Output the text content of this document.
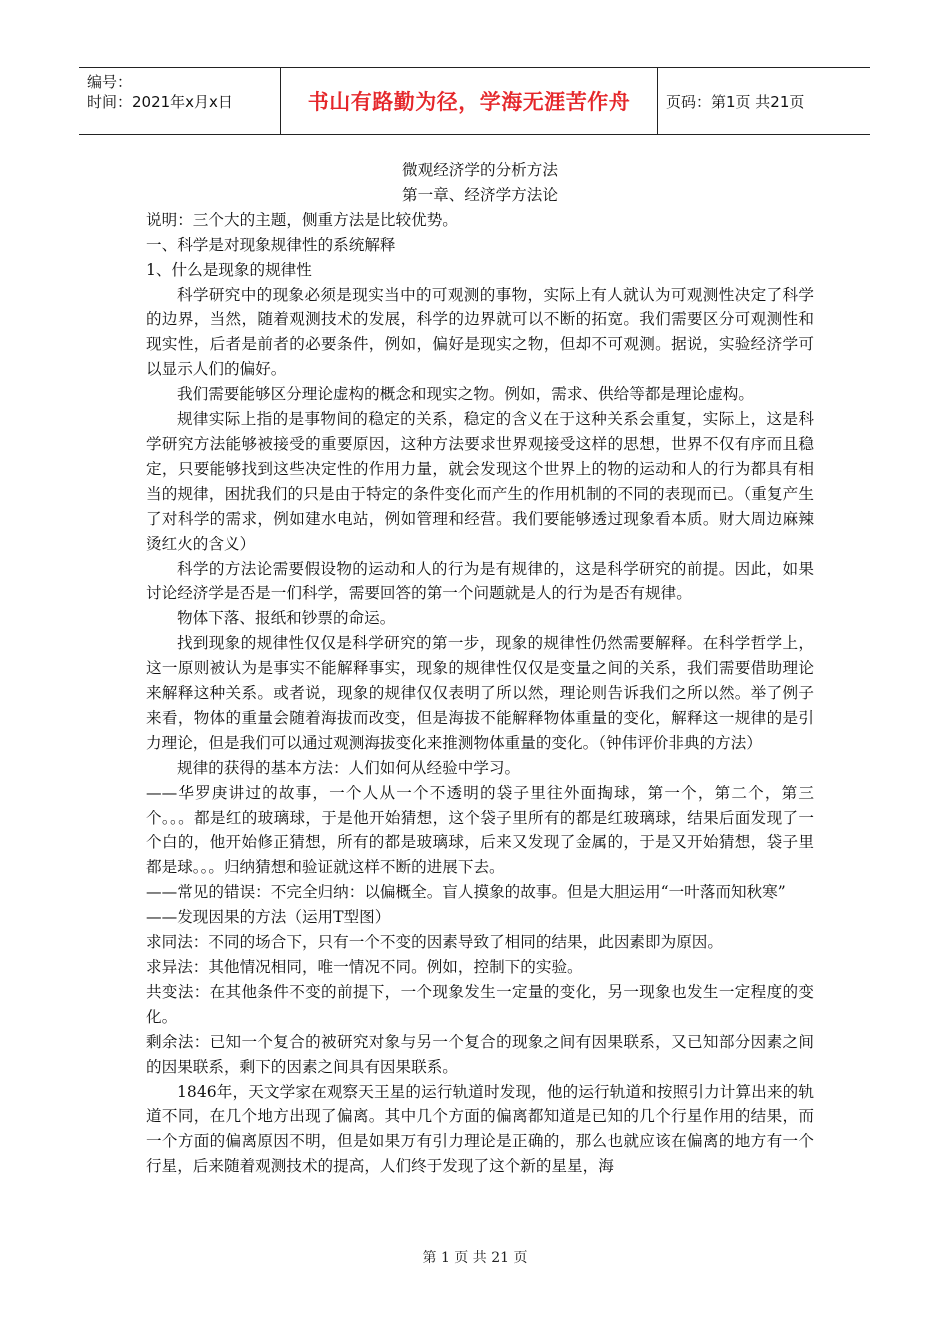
编号：
时间：2021年x月x日	书山有路勤为径，学海无涯苦作舟	页码：第1页 共21页

微观经济学的分析方法

第一章、经济学方法论

说明：三个大的主题，侧重方法是比较优势。

一、科学是对现象规律性的系统解释

1、什么是现象的规律性

科学研究中的现象必须是现实当中的可观测的事物，实际上有人就认为可观测性决定了科学的边界，当然，随着观测技术的发展，科学的边界就可以不断的拓宽。我们需要区分可观测性和现实性，后者是前者的必要条件，例如，偏好是现实之物，但却不可观测。据说，实验经济学可以显示人们的偏好。

我们需要能够区分理论虚构的概念和现实之物。例如，需求、供给等都是理论虚构。

规律实际上指的是事物间的稳定的关系，稳定的含义在于这种关系会重复，实际上，这是科学研究方法能够被接受的重要原因，这种方法要求世界观接受这样的思想，世界不仅有序而且稳定，只要能够找到这些决定性的作用力量，就会发现这个世界上的物的运动和人的行为都具有相当的规律，困扰我们的只是由于特定的条件变化而产生的作用机制的不同的表现而已。（重复产生了对科学的需求，例如建水电站，例如管理和经营。我们要能够透过现象看本质。财大周边麻辣烫红火的含义）

科学的方法论需要假设物的运动和人的行为是有规律的，这是科学研究的前提。因此，如果讨论经济学是否是一们科学，需要回答的第一个问题就是人的行为是否有规律。

物体下落、报纸和钞票的命运。

找到现象的规律性仅仅是科学研究的第一步，现象的规律性仍然需要解释。在科学哲学上，这一原则被认为是事实不能解释事实，现象的规律性仅仅是变量之间的关系，我们需要借助理论来解释这种关系。或者说，现象的规律仅仅表明了所以然，理论则告诉我们之所以然。举了例子来看，物体的重量会随着海拔而改变，但是海拔不能解释物体重量的变化，解释这一规律的是引力理论，但是我们可以通过观测海拔变化来推测物体重量的变化。（钟伟评价非典的方法）

规律的获得的基本方法：人们如何从经验中学习。

——华罗庚讲过的故事，一个人从一个不透明的袋子里往外面掏球，第一个，第二个，第三个。。。都是红的玻璃球，于是他开始猜想，这个袋子里所有的都是红玻璃球，结果后面发现了一个白的，他开始修正猜想，所有的都是玻璃球，后来又发现了金属的，于是又开始猜想，袋子里都是球。。。归纳猜想和验证就这样不断的进展下去。

——常见的错误：不完全归纳：以偏概全。盲人摸象的故事。但是大胆运用“一叶落而知秋寒”

——发现因果的方法（运用T型图）

求同法：不同的场合下，只有一个不变的因素导致了相同的结果，此因素即为原因。

求异法：其他情况相同，唯一情况不同。例如，控制下的实验。

共变法：在其他条件不变的前提下，一个现象发生一定量的变化，另一现象也发生一定程度的变化。

剩余法：已知一个复合的被研究对象与另一个复合的现象之间有因果联系，又已知部分因素之间的因果联系，剩下的因素之间具有因果联系。

1846年，天文学家在观察天王星的运行轨道时发现，他的运行轨道和按照引力计算出来的轨道不同，在几个地方出现了偏离。其中几个方面的偏离都知道是已知的几个行星作用的结果，而一个方面的偏离原因不明，但是如果万有引力理论是正确的，那么也就应该在偏离的地方有一个行星，后来随着观测技术的提高，人们终于发现了这个新的星星，海

第 1 页 共 21 页
